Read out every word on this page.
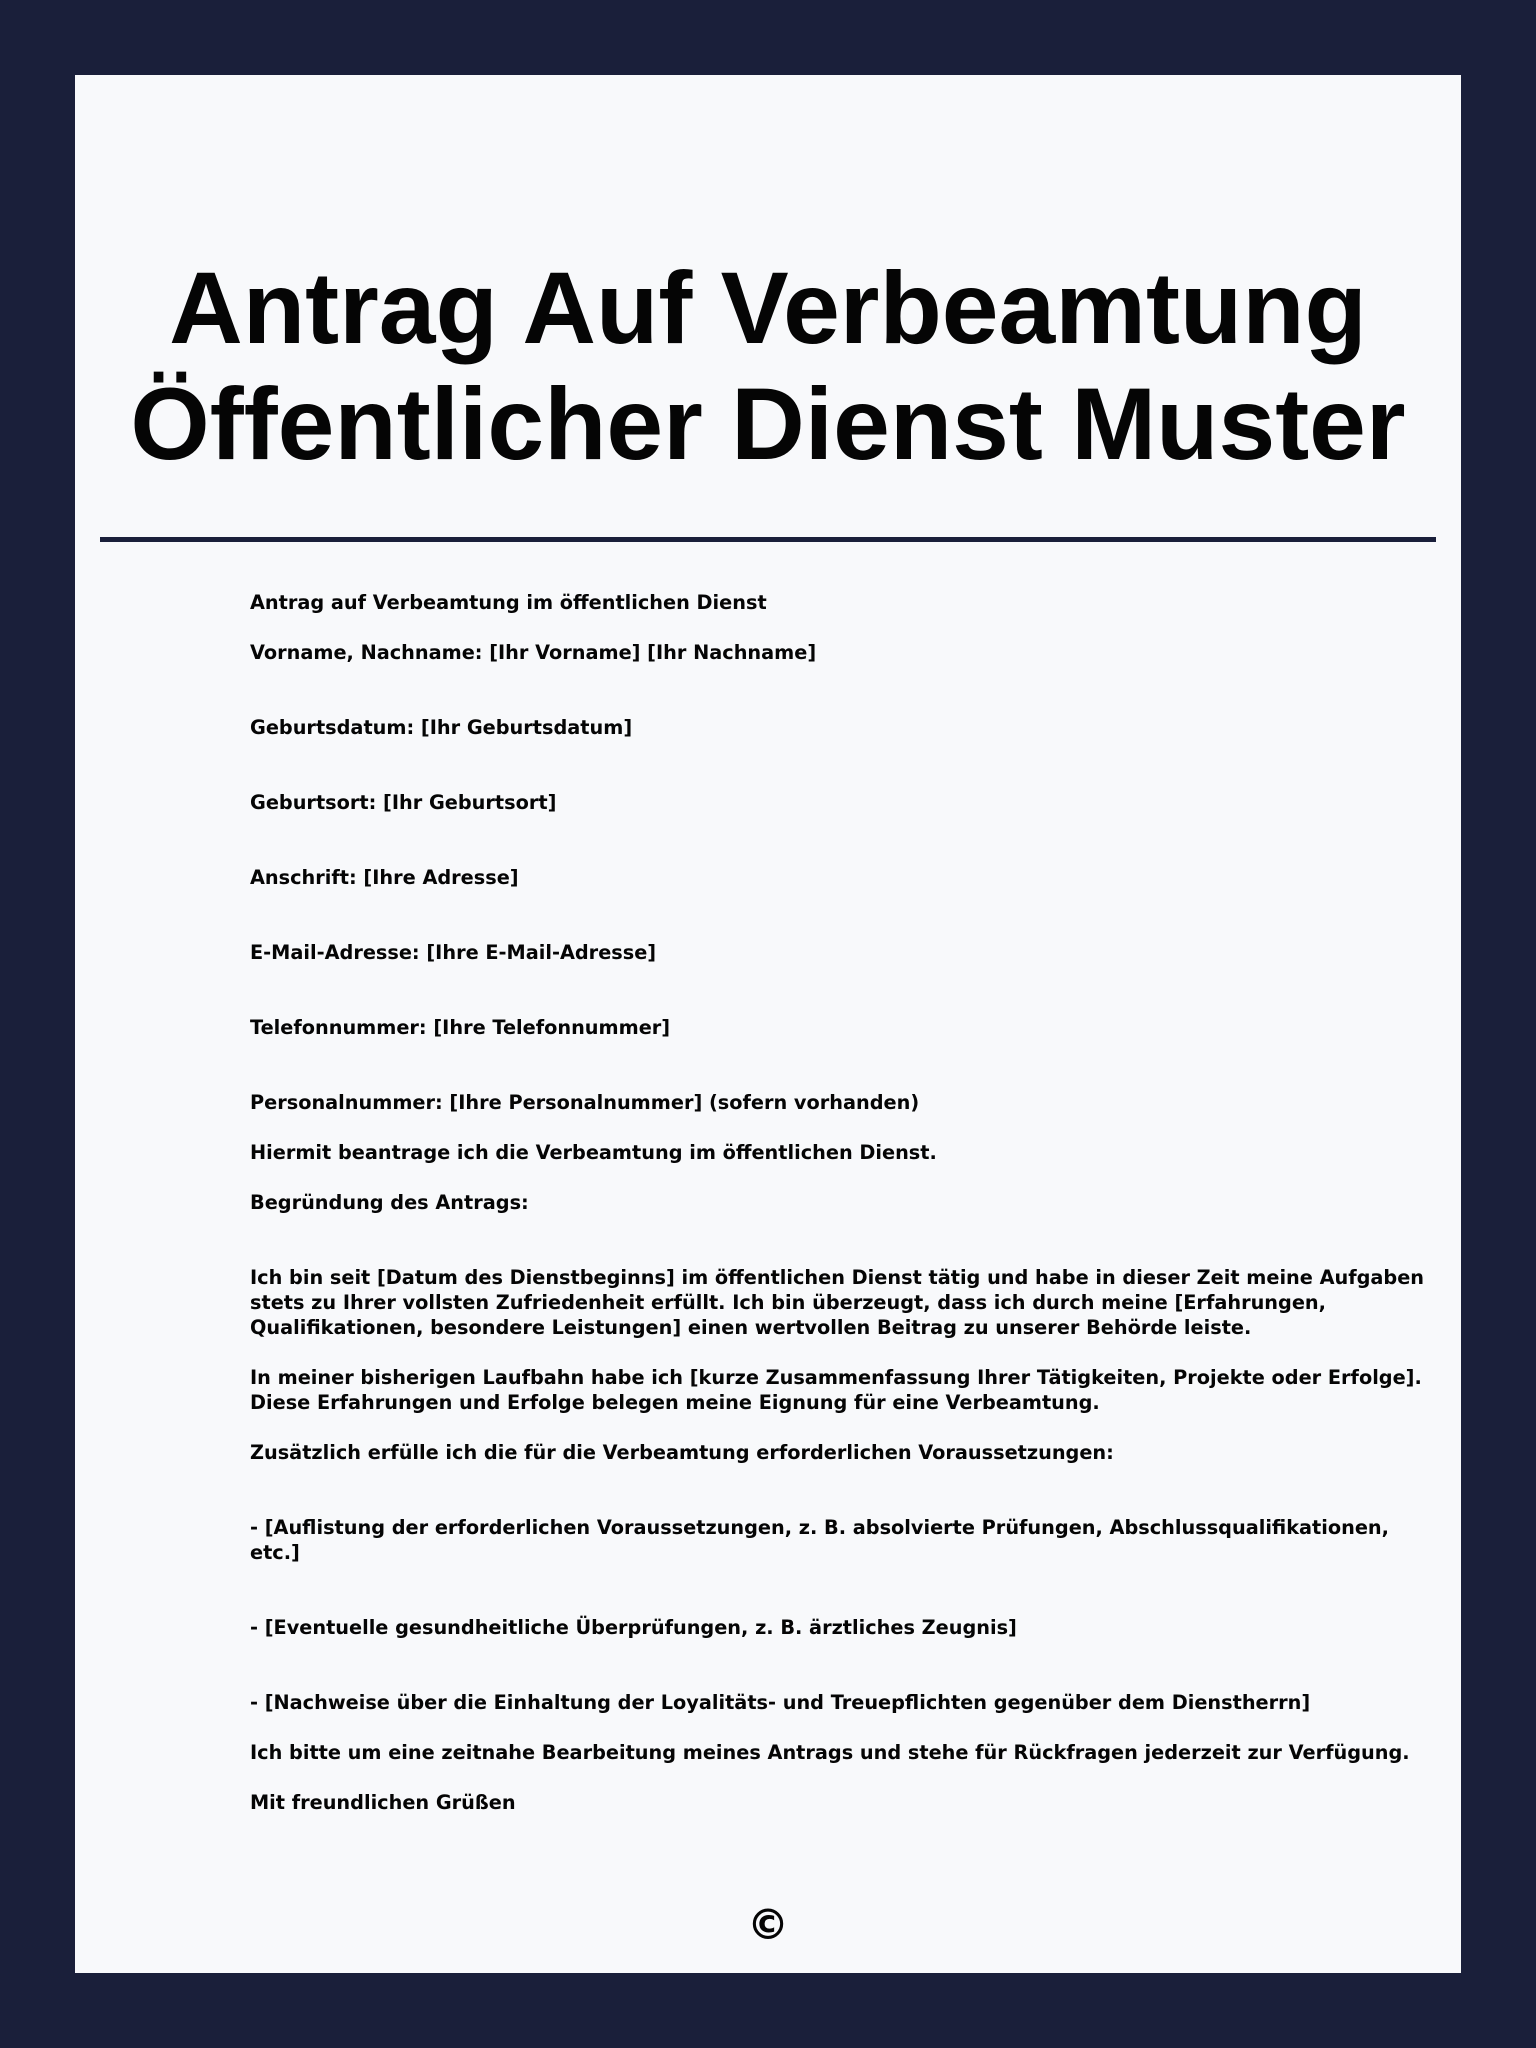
Antrag Auf Verbeamtung
Öffentlicher Dienst Muster

Antrag auf Verbeamtung im öffentlichen Dienst

Vorname, Nachname: [Ihr Vorname] [Ihr Nachname]

Geburtsdatum: [Ihr Geburtsdatum]

Geburtsort: [Ihr Geburtsort]

Anschrift: [Ihre Adresse]

E-Mail-Adresse: [Ihre E-Mail-Adresse]

Telefonnummer: [Ihre Telefonnummer]

Personalnummer: [Ihre Personalnummer] (sofern vorhanden)

Hiermit beantrage ich die Verbeamtung im öffentlichen Dienst.

Begründung des Antrags:

Ich bin seit [Datum des Dienstbeginns] im öffentlichen Dienst tätig und habe in dieser Zeit meine Aufgaben

stets zu Ihrer vollsten Zufriedenheit erfüllt. Ich bin überzeugt, dass ich durch meine [Erfahrungen,

Qualifikationen, besondere Leistungen] einen wertvollen Beitrag zu unserer Behörde leiste.

In meiner bisherigen Laufbahn habe ich [kurze Zusammenfassung Ihrer Tätigkeiten, Projekte oder Erfolge].

Diese Erfahrungen und Erfolge belegen meine Eignung für eine Verbeamtung.

Zusätzlich erfülle ich die für die Verbeamtung erforderlichen Voraussetzungen:

- [Auflistung der erforderlichen Voraussetzungen, z. B. absolvierte Prüfungen, Abschlussqualifikationen,

etc.]

- [Eventuelle gesundheitliche Überprüfungen, z. B. ärztliches Zeugnis]

- [Nachweise über die Einhaltung der Loyalitäts- und Treuepflichten gegenüber dem Dienstherrn]

Ich bitte um eine zeitnahe Bearbeitung meines Antrags und stehe für Rückfragen jederzeit zur Verfügung.

Mit freundlichen Grüßen

©
